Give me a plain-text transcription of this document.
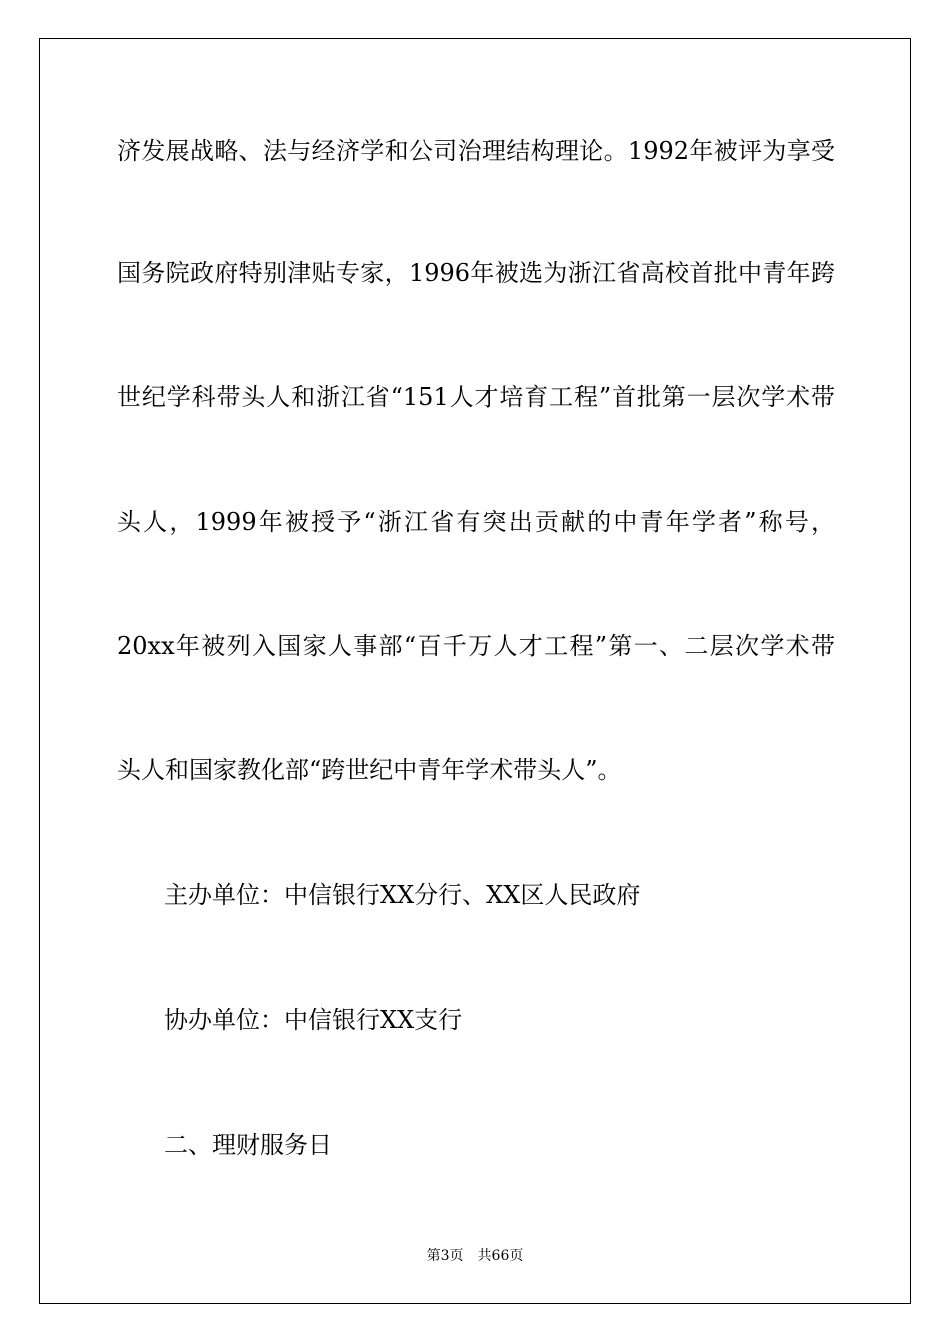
济发展战略、法与经济学和公司治理结构理论。1992年被评为享受
国务院政府特别津贴专家，1996年被选为浙江省高校首批中青年跨
世纪学科带头人和浙江省“151人才培育工程”首批第一层次学术带
头人，1999年被授予“浙江省有突出贡献的中青年学者”称号，
20xx年被列入国家人事部“百千万人才工程”第一、二层次学术带
头人和国家教化部“跨世纪中青年学术带头人”。
主办单位：中信银行XX分行、XX区人民政府
协办单位：中信银行XX支行
二、理财服务日
第3页 共66页
